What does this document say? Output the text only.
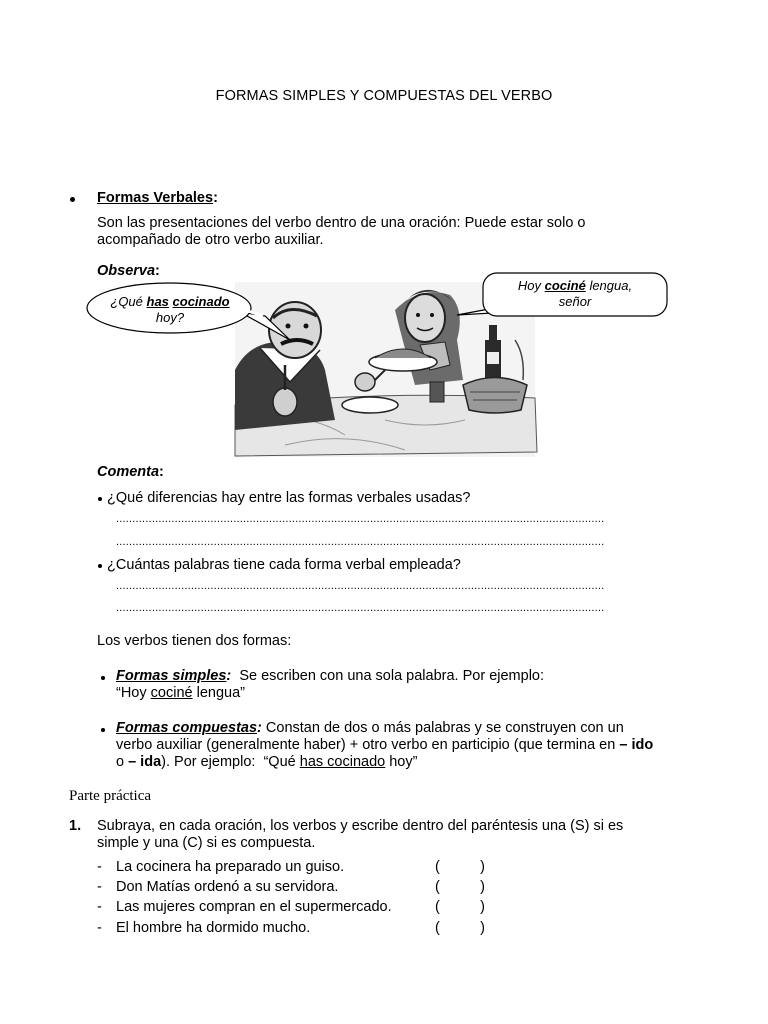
FORMAS SIMPLES Y COMPUESTAS DEL VERBO
Formas Verbales:
Son las presentaciones del verbo dentro de una oración: Puede estar solo o
acompañado de otro verbo auxiliar.
Observa:
¿Qué has cocinado
hoy?
Hoy cociné lengua,
señor
Comenta:
¿Qué diferencias hay entre las formas verbales usadas?
......................................................................................................................................................
......................................................................................................................................................
¿Cuántas palabras tiene cada forma verbal empleada?
......................................................................................................................................................
......................................................................................................................................................
Los verbos tienen dos formas:
Formas simples:  Se escriben con una sola palabra. Por ejemplo:
“Hoy cociné lengua”
Formas compuestas: Constan de dos o más palabras y se construyen con un
verbo auxiliar (generalmente haber) + otro verbo en participio (que termina en – ido
o – ida). Por ejemplo:  “Qué has cocinado hoy”
Parte práctica
1. Subraya, en cada oración, los verbos y escribe dentro del paréntesis una (S) si es
simple y una (C) si es compuesta.
- La cocinera ha preparado un guiso.	(          )
- Don Matías ordenó a su servidora.	(          )
- Las mujeres compran en el supermercado.	(          )
- El hombre ha dormido mucho.	(          )
